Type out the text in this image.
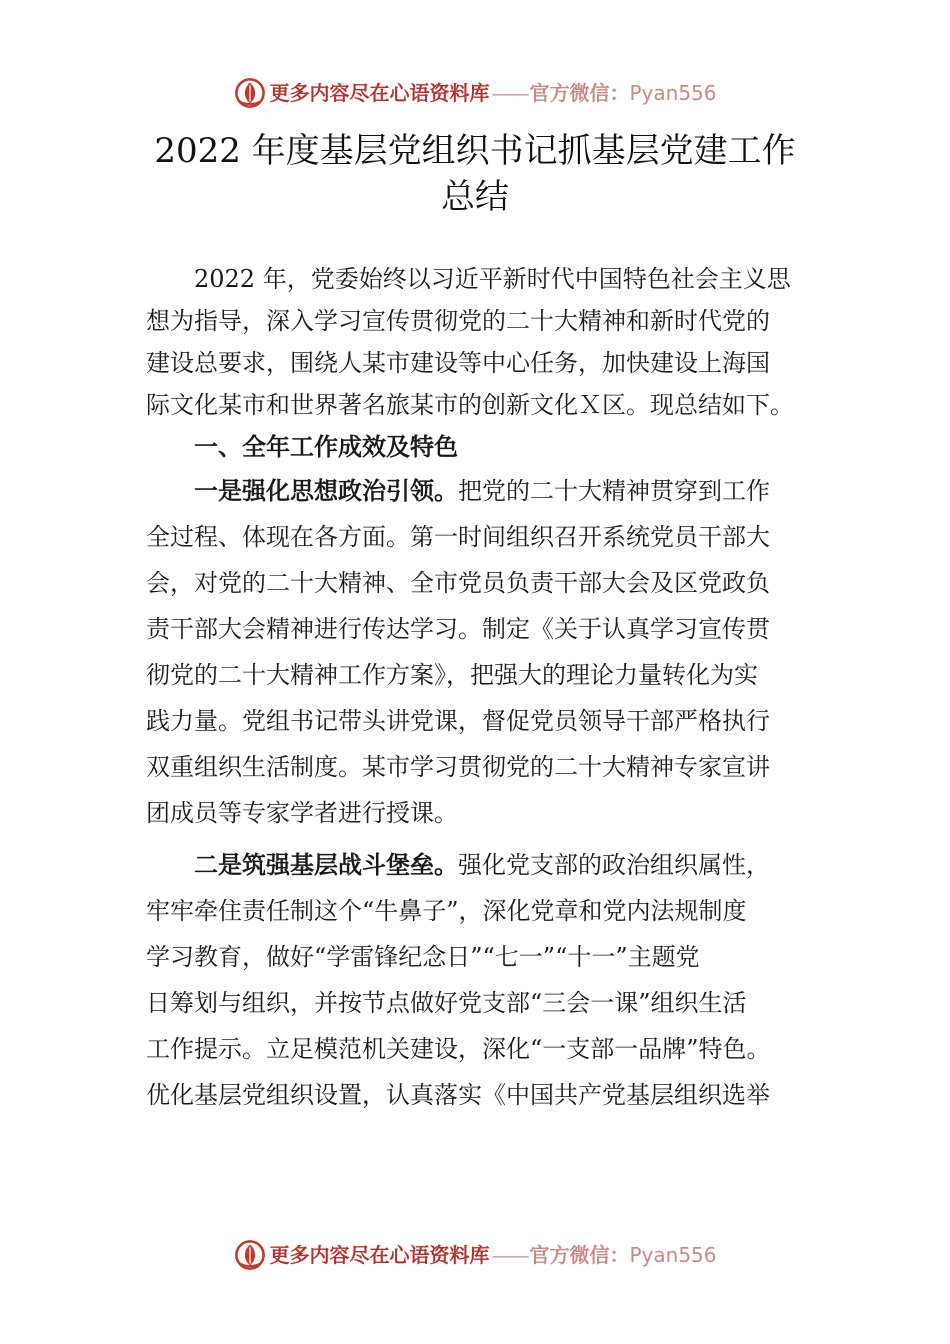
更多内容尽在心语资料库 —— 官方微信： Pyan556
2022 年度基层党组织书记抓基层党建工作
总结
2022 年，党委始终以习近平新时代中国特色社会主义思
想为指导，深入学习宣传贯彻党的二十大精神和新时代党的
建设总要求，围绕人某市建设等中心任务，加快建设上海国
际文化某市和世界著名旅某市的创新文化Ｘ区。现总结如下。
一、全年工作成效及特色
一是强化思想政治引领。把党的二十大精神贯穿到工作
全过程、体现在各方面。第一时间组织召开系统党员干部大
会，对党的二十大精神、全市党员负责干部大会及区党政负
责干部大会精神进行传达学习。制定《关于认真学习宣传贯
彻党的二十大精神工作方案》，把强大的理论力量转化为实
践力量。党组书记带头讲党课，督促党员领导干部严格执行
双重组织生活制度。某市学习贯彻党的二十大精神专家宣讲
团成员等专家学者进行授课。
二是筑强基层战斗堡垒。强化党支部的政治组织属性，
牢牢牵住责任制这个“牛鼻子”，深化党章和党内法规制度
学习教育，做好“学雷锋纪念日”“七一”“十一”主题党
日筹划与组织，并按节点做好党支部“三会一课”组织生活
工作提示。立足模范机关建设，深化“一支部一品牌”特色。
优化基层党组织设置，认真落实《中国共产党基层组织选举
更多内容尽在心语资料库 —— 官方微信： Pyan556
